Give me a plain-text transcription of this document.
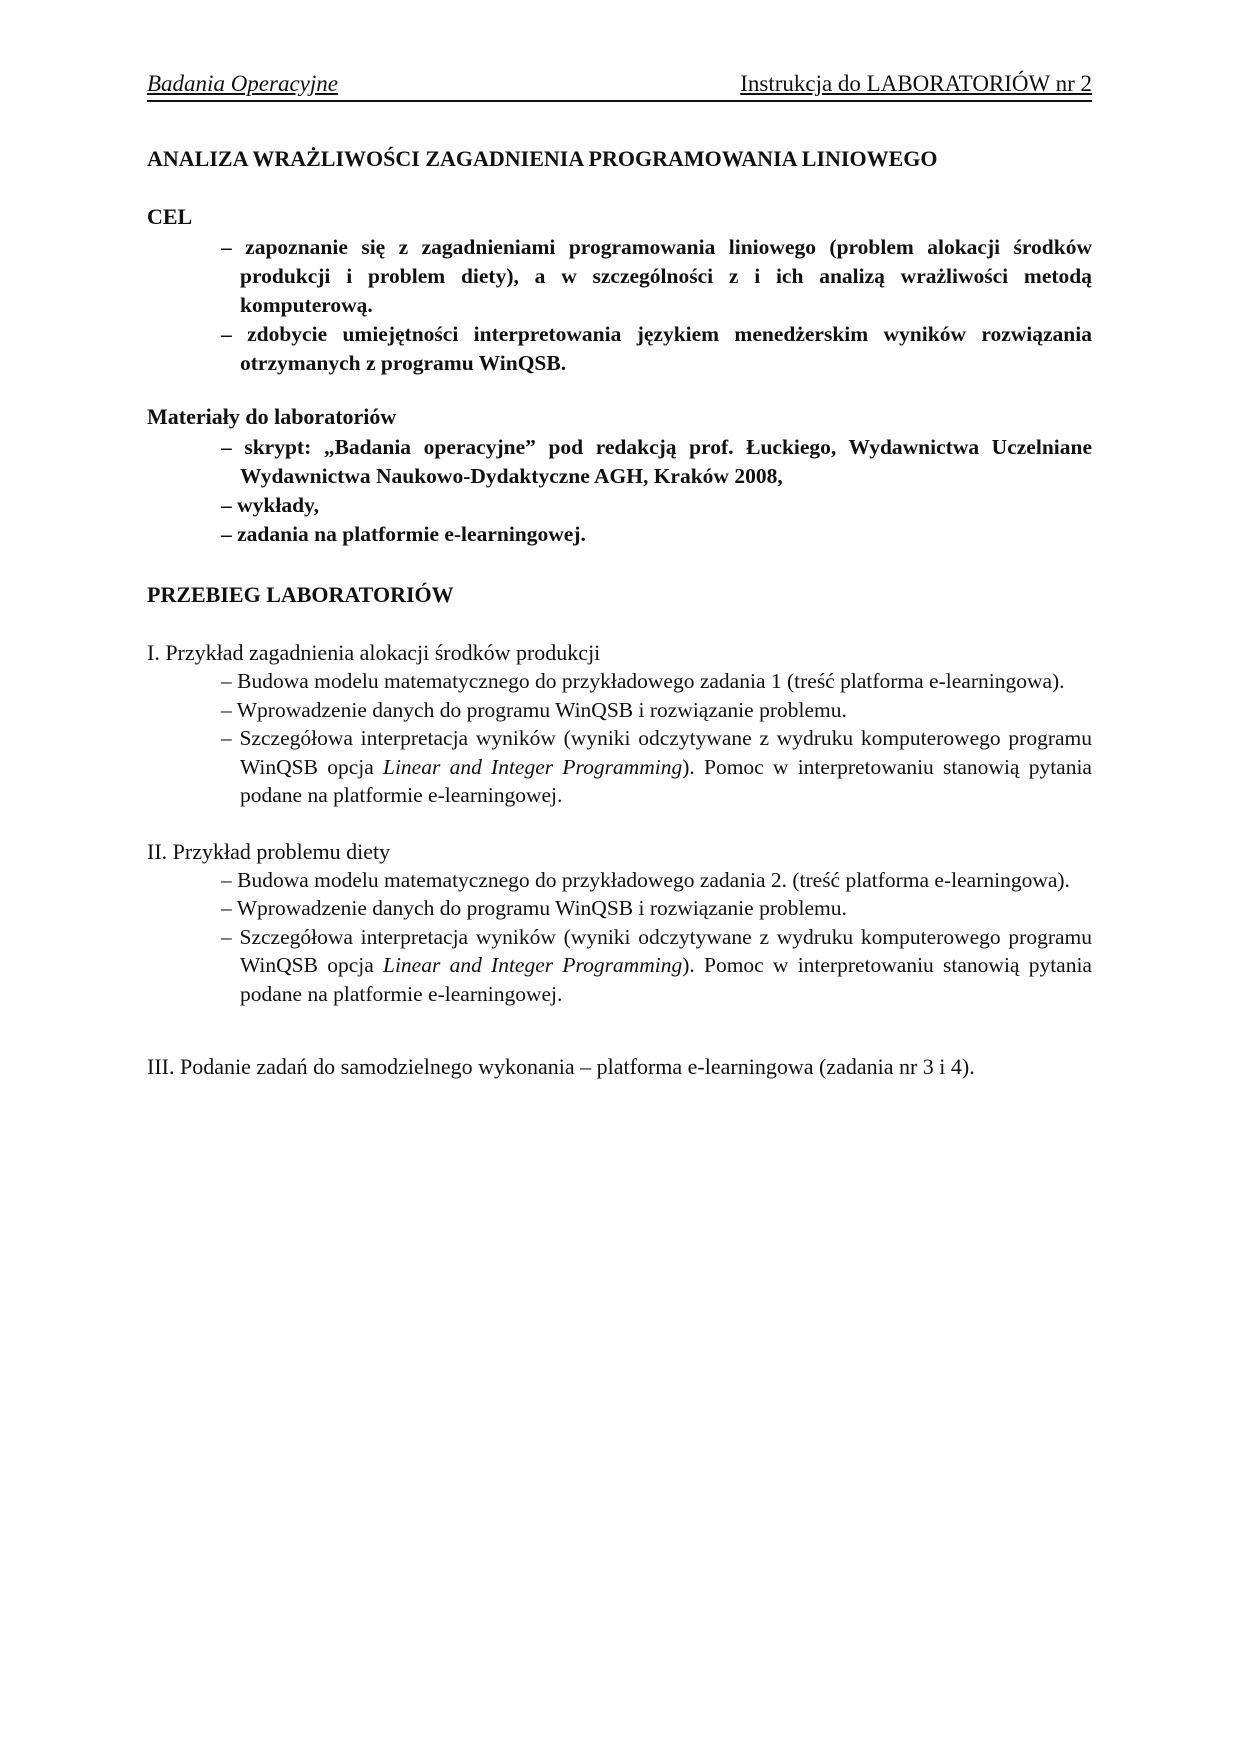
Badania Operacyjne	Instrukcja do LABORATORIÓW nr 2
ANALIZA WRAŻLIWOŚCI ZAGADNIENIA PROGRAMOWANIA LINIOWEGO
CEL
– zapoznanie się z zagadnieniami programowania liniowego (problem alokacji środków produkcji i problem diety), a w szczególności z i ich analizą wrażliwości metodą komputerową.
– zdobycie umiejętności interpretowania językiem menedżerskim wyników rozwiązania otrzymanych z programu WinQSB.
Materiały do laboratoriów
– skrypt: „Badania operacyjne” pod redakcją prof. Łuckiego, Wydawnictwa Uczelniane Wydawnictwa Naukowo-Dydaktyczne AGH, Kraków 2008,
– wykłady,
– zadania na platformie e-learningowej.
PRZEBIEG LABORATORIÓW
I. Przykład zagadnienia alokacji środków produkcji
– Budowa modelu matematycznego do przykładowego zadania 1 (treść platforma e-learningowa).
– Wprowadzenie danych do programu WinQSB i rozwiązanie problemu.
– Szczegółowa interpretacja wyników (wyniki odczytywane z wydruku komputerowego programu WinQSB opcja Linear and Integer Programming). Pomoc w interpretowaniu stanowią pytania podane na platformie e-learningowej.
II. Przykład problemu diety
– Budowa modelu matematycznego do przykładowego zadania 2. (treść platforma e-learningowa).
– Wprowadzenie danych do programu WinQSB i rozwiązanie problemu.
– Szczegółowa interpretacja wyników (wyniki odczytywane z wydruku komputerowego programu WinQSB opcja Linear and Integer Programming). Pomoc w interpretowaniu stanowią pytania podane na platformie e-learningowej.
III. Podanie zadań do samodzielnego wykonania – platforma e-learningowa (zadania nr 3 i 4).
